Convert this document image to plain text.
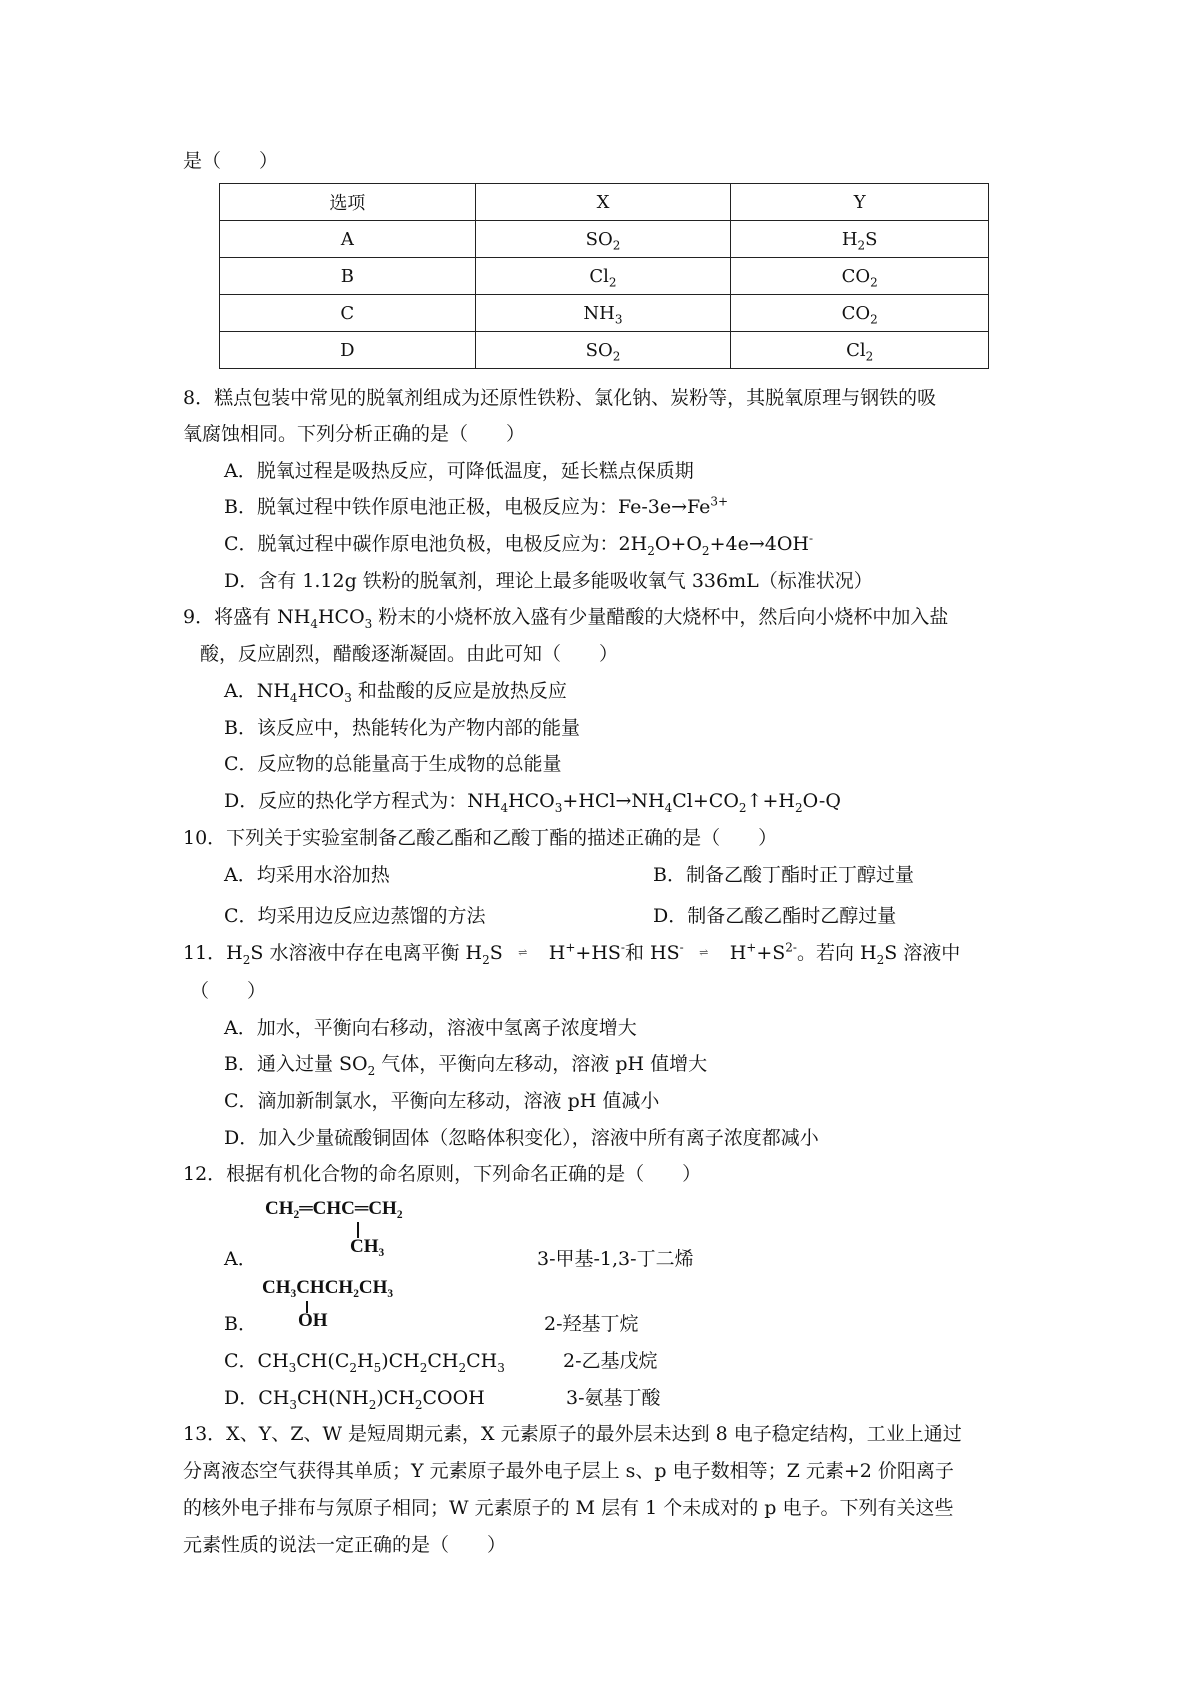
是（　　）
选项	X	Y
A	$SO_2$	$H_2S$
B	$Cl_2$	$CO_2$
C	$NH_3$	$CO_2$
D	$SO_2$	$Cl_2$
8．糕点包装中常见的脱氧剂组成为还原性铁粉、氯化钠、炭粉等，其脱氧原理与钢铁的吸
氧腐蚀相同。下列分析正确的是（　　）
A．脱氧过程是吸热反应，可降低温度，延长糕点保质期
B．脱氧过程中铁作原电池正极，电极反应为：$Fe-3e\to Fe^{3+}$
C．脱氧过程中碳作原电池负极，电极反应为：$2H_2O+O_2+4e\to 4OH^-$
D．含有 1.12g 铁粉的脱氧剂，理论上最多能吸收氧气 336mL（标准状况）
9．将盛有 $NH_4HCO_3$ 粉末的小烧杯放入盛有少量醋酸的大烧杯中，然后向小烧杯中加入盐
酸，反应剧烈，醋酸逐渐凝固。由此可知（　　）
A．$NH_4HCO_3$ 和盐酸的反应是放热反应
B．该反应中，热能转化为产物内部的能量
C．反应物的总能量高于生成物的总能量
D．反应的热化学方程式为：$NH_4HCO_3+HCl\to NH_4Cl+CO_2↑+H_2O-Q$
10．下列关于实验室制备乙酸乙酯和乙酸丁酯的描述正确的是（　　）
A．均采用水浴加热	B．制备乙酸丁酯时正丁醇过量
C．均采用边反应边蒸馏的方法	D．制备乙酸乙酯时乙醇过量
11．$H_2S$ 水溶液中存在电离平衡 $H_2S$ ⇌ H++HS-和 HS- ⇌ $H^++S^{2-}$。若向 $H_2S$ 溶液中
（　　）
A．加水，平衡向右移动，溶液中氢离子浓度增大
B．通入过量 $SO_2$ 气体，平衡向左移动，溶液 pH 值增大
C．滴加新制氯水，平衡向左移动，溶液 pH 值减小
D．加入少量硫酸铜固体（忽略体积变化），溶液中所有离子浓度都减小
12．根据有机化合物的命名原则，下列命名正确的是（　　）
CH₂═CHC═CH₂
CH₃
A．	3-甲基-1,3-丁二烯
CH₃CHCH₂CH₃
OH
B．	2-羟基丁烷
C．$CH_3CH(C_2H_5)CH_2CH_2CH_3$	2-乙基戊烷
D．$CH_3CH(NH_2)CH_2COOH$	3-氨基丁酸
13．X、Y、Z、W 是短周期元素，X 元素原子的最外层未达到 8 电子稳定结构，工业上通过
分离液态空气获得其单质；Y 元素原子最外电子层上 s、p 电子数相等；Z 元素+2 价阳离子
的核外电子排布与氖原子相同；W 元素原子的 M 层有 1 个未成对的 p 电子。下列有关这些
元素性质的说法一定正确的是（　　）
